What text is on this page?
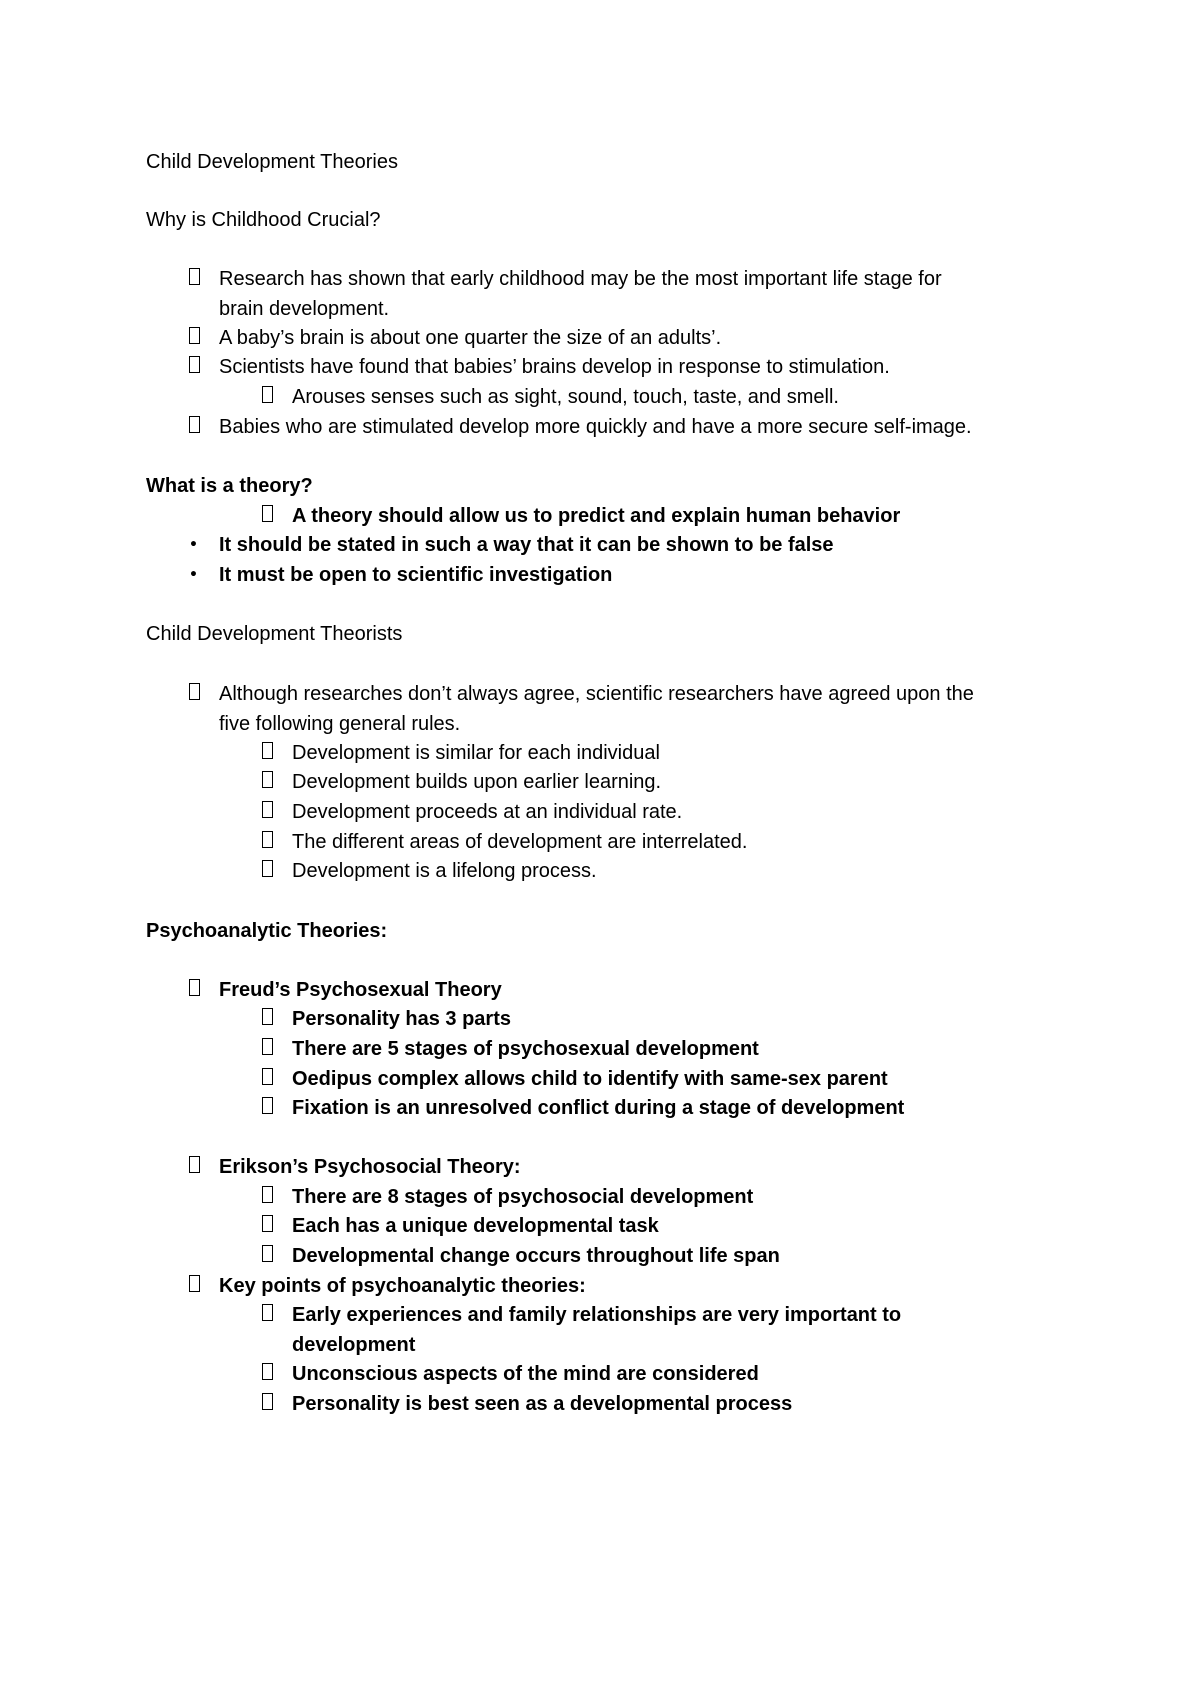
Child Development Theories
Why is Childhood Crucial?
Research has shown that early childhood may be the most important life stage for
brain development.
A baby’s brain is about one quarter the size of an adults’.
Scientists have found that babies’ brains develop in response to stimulation.
Arouses senses such as sight, sound, touch, taste, and smell.
Babies who are stimulated develop more quickly and have a more secure self-image.
What is a theory?
A theory should allow us to predict and explain human behavior
•	It should be stated in such a way that it can be shown to be false
•	It must be open to scientific investigation
Child Development Theorists
Although researches don’t always agree, scientific researchers have agreed upon the
five following general rules.
Development is similar for each individual
Development builds upon earlier learning.
Development proceeds at an individual rate.
The different areas of development are interrelated.
Development is a lifelong process.
Psychoanalytic Theories:
Freud’s Psychosexual Theory
Personality has 3 parts
There are 5 stages of psychosexual development
Oedipus complex allows child to identify with same-sex parent
Fixation is an unresolved conflict during a stage of development
Erikson’s Psychosocial Theory:
There are 8 stages of psychosocial development
Each has a unique developmental task
Developmental change occurs throughout life span
Key points of psychoanalytic theories:
Early experiences and family relationships are very important to
development
Unconscious aspects of the mind are considered
Personality is best seen as a developmental process
